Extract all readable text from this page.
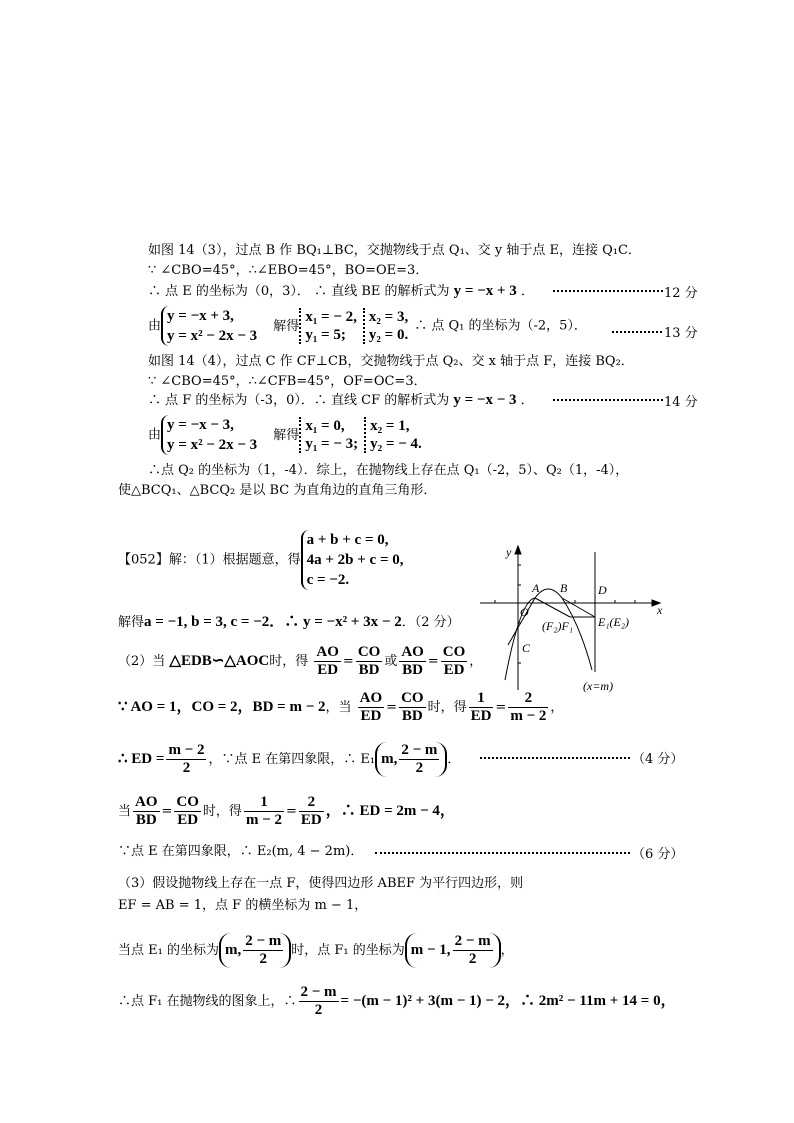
如图 14（3），过点 B 作 BQ₁⊥BC，交抛物线于点 Q₁、交 y 轴于点 E，连接 Q₁C．
∵ ∠CBO=45°，∴∠EBO=45°，BO=OE=3．
∴ 点 E 的坐标为（0，3）． ∴ 直线 BE 的解析式为 y = −x + 3 ．	12 分
由
y = −x + 3,
y = x² − 2x − 3
解得
x₁ = − 2,
y₁ = 5;
x₂ = 3,
y₂ = 0.
∴ 点 Q₁ 的坐标为（-2，5）．	13 分
如图 14（4），过点 C 作 CF⊥CB，交抛物线于点 Q₂、交 x 轴于点 F，连接 BQ₂．
∵ ∠CBO=45°，∴∠CFB=45°，OF=OC=3．
∴ 点 F 的坐标为（-3，0）．∴ 直线 CF 的解析式为 y = −x − 3 ．	14 分
由
y = −x − 3,
y = x² − 2x − 3
解得
x₁ = 0,
y₁ = − 3;
x₂ = 1,
y₂ = − 4.
∴点 Q₂ 的坐标为（1，-4）．综上，在抛物线上存在点 Q₁（-2，5）、Q₂（1，-4），
使△BCQ₁、△BCQ₂ 是以 BC 为直角边的直角三角形．
【052】解：（1）根据题意，得
a + b + c = 0,
4a + 2b + c = 0,
c = −2.
解得a = −1, b = 3, c = −2．∴ y = −x² + 3x − 2．（2 分）
（2）当 △EDB∽△AOC时，得 $\frac{AO}{ED} = \frac{CO}{BD}$ 或 $\frac{AO}{BD} = \frac{CO}{ED}$ ，
∵ AO = 1，CO = 2，BD = m − 2，当 $\frac{AO}{ED} = \frac{CO}{BD}$ 时，得 $\frac{1}{ED} = \frac{2}{m - 2}$ ，
∴ ED = $\frac{m - 2}{2}$ ，∵点 E 在第四象限，∴ E₁ m, $\frac{2 - m}{2}$ ．	（4 分）
当 $\frac{AO}{BD} = \frac{CO}{ED}$ 时，得 $\frac{1}{m - 2} = \frac{2}{ED}$ ，∴ ED = 2m − 4，
∵点 E 在第四象限，∴ E₂(m, 4 − 2m)．	（6 分）
（3）假设抛物线上存在一点 F，使得四边形 ABEF 为平行四边形，则
EF = AB = 1，点 F 的横坐标为 m − 1，
当点 E₁ 的坐标为 m, $\frac{2 - m}{2}$ 时，点 F₁ 的坐标为 m − 1, $\frac{2 - m}{2}$ ，
∴点 F₁ 在抛物线的图象上，∴ $\frac{2 - m}{2} = -(m - 1)^2 + 3(m - 1) - 2$，∴ 2m² − 11m + 14 = 0，
y
x
A B	D
O
E₁(E₂)
(F₂)F₁
C
(x=m)
